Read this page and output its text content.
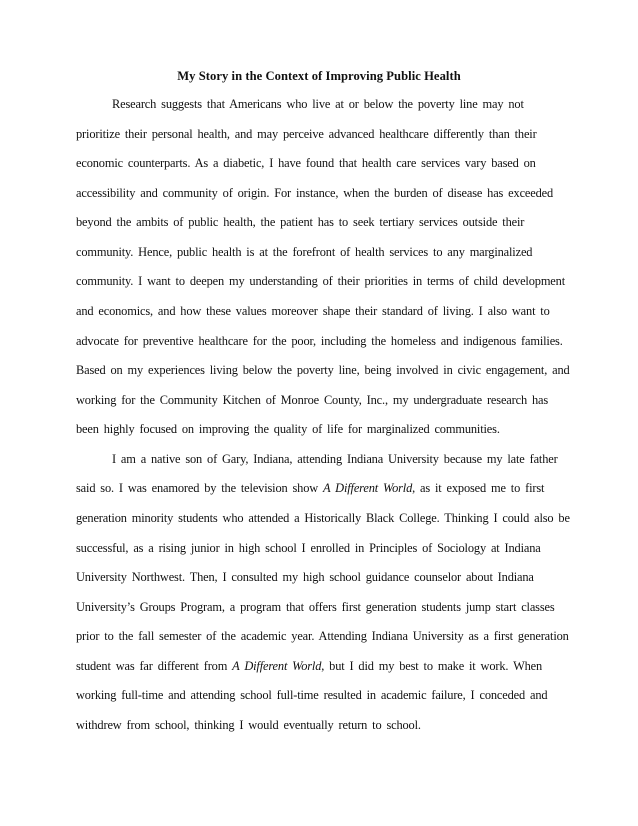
My Story in the Context of Improving Public Health
Research suggests that Americans who live at or below the poverty line may not
prioritize their personal health, and may perceive advanced healthcare differently than their
economic counterparts. As a diabetic, I have found that health care services vary based on
accessibility and community of origin. For instance, when the burden of disease has exceeded
beyond the ambits of public health, the patient has to seek tertiary services outside their
community. Hence, public health is at the forefront of health services to any marginalized
community. I want to deepen my understanding of their priorities in terms of child development
and economics, and how these values moreover shape their standard of living. I also want to
advocate for preventive healthcare for the poor, including the homeless and indigenous families.
Based on my experiences living below the poverty line, being involved in civic engagement, and
working for the Community Kitchen of Monroe County, Inc., my undergraduate research has
been highly focused on improving the quality of life for marginalized communities.
I am a native son of Gary, Indiana, attending Indiana University because my late father
said so. I was enamored by the television show A Different World, as it exposed me to first
generation minority students who attended a Historically Black College. Thinking I could also be
successful, as a rising junior in high school I enrolled in Principles of Sociology at Indiana
University Northwest. Then, I consulted my high school guidance counselor about Indiana
University’s Groups Program, a program that offers first generation students jump start classes
prior to the fall semester of the academic year. Attending Indiana University as a first generation
student was far different from A Different World, but I did my best to make it work. When
working full-time and attending school full-time resulted in academic failure, I conceded and
withdrew from school, thinking I would eventually return to school.
